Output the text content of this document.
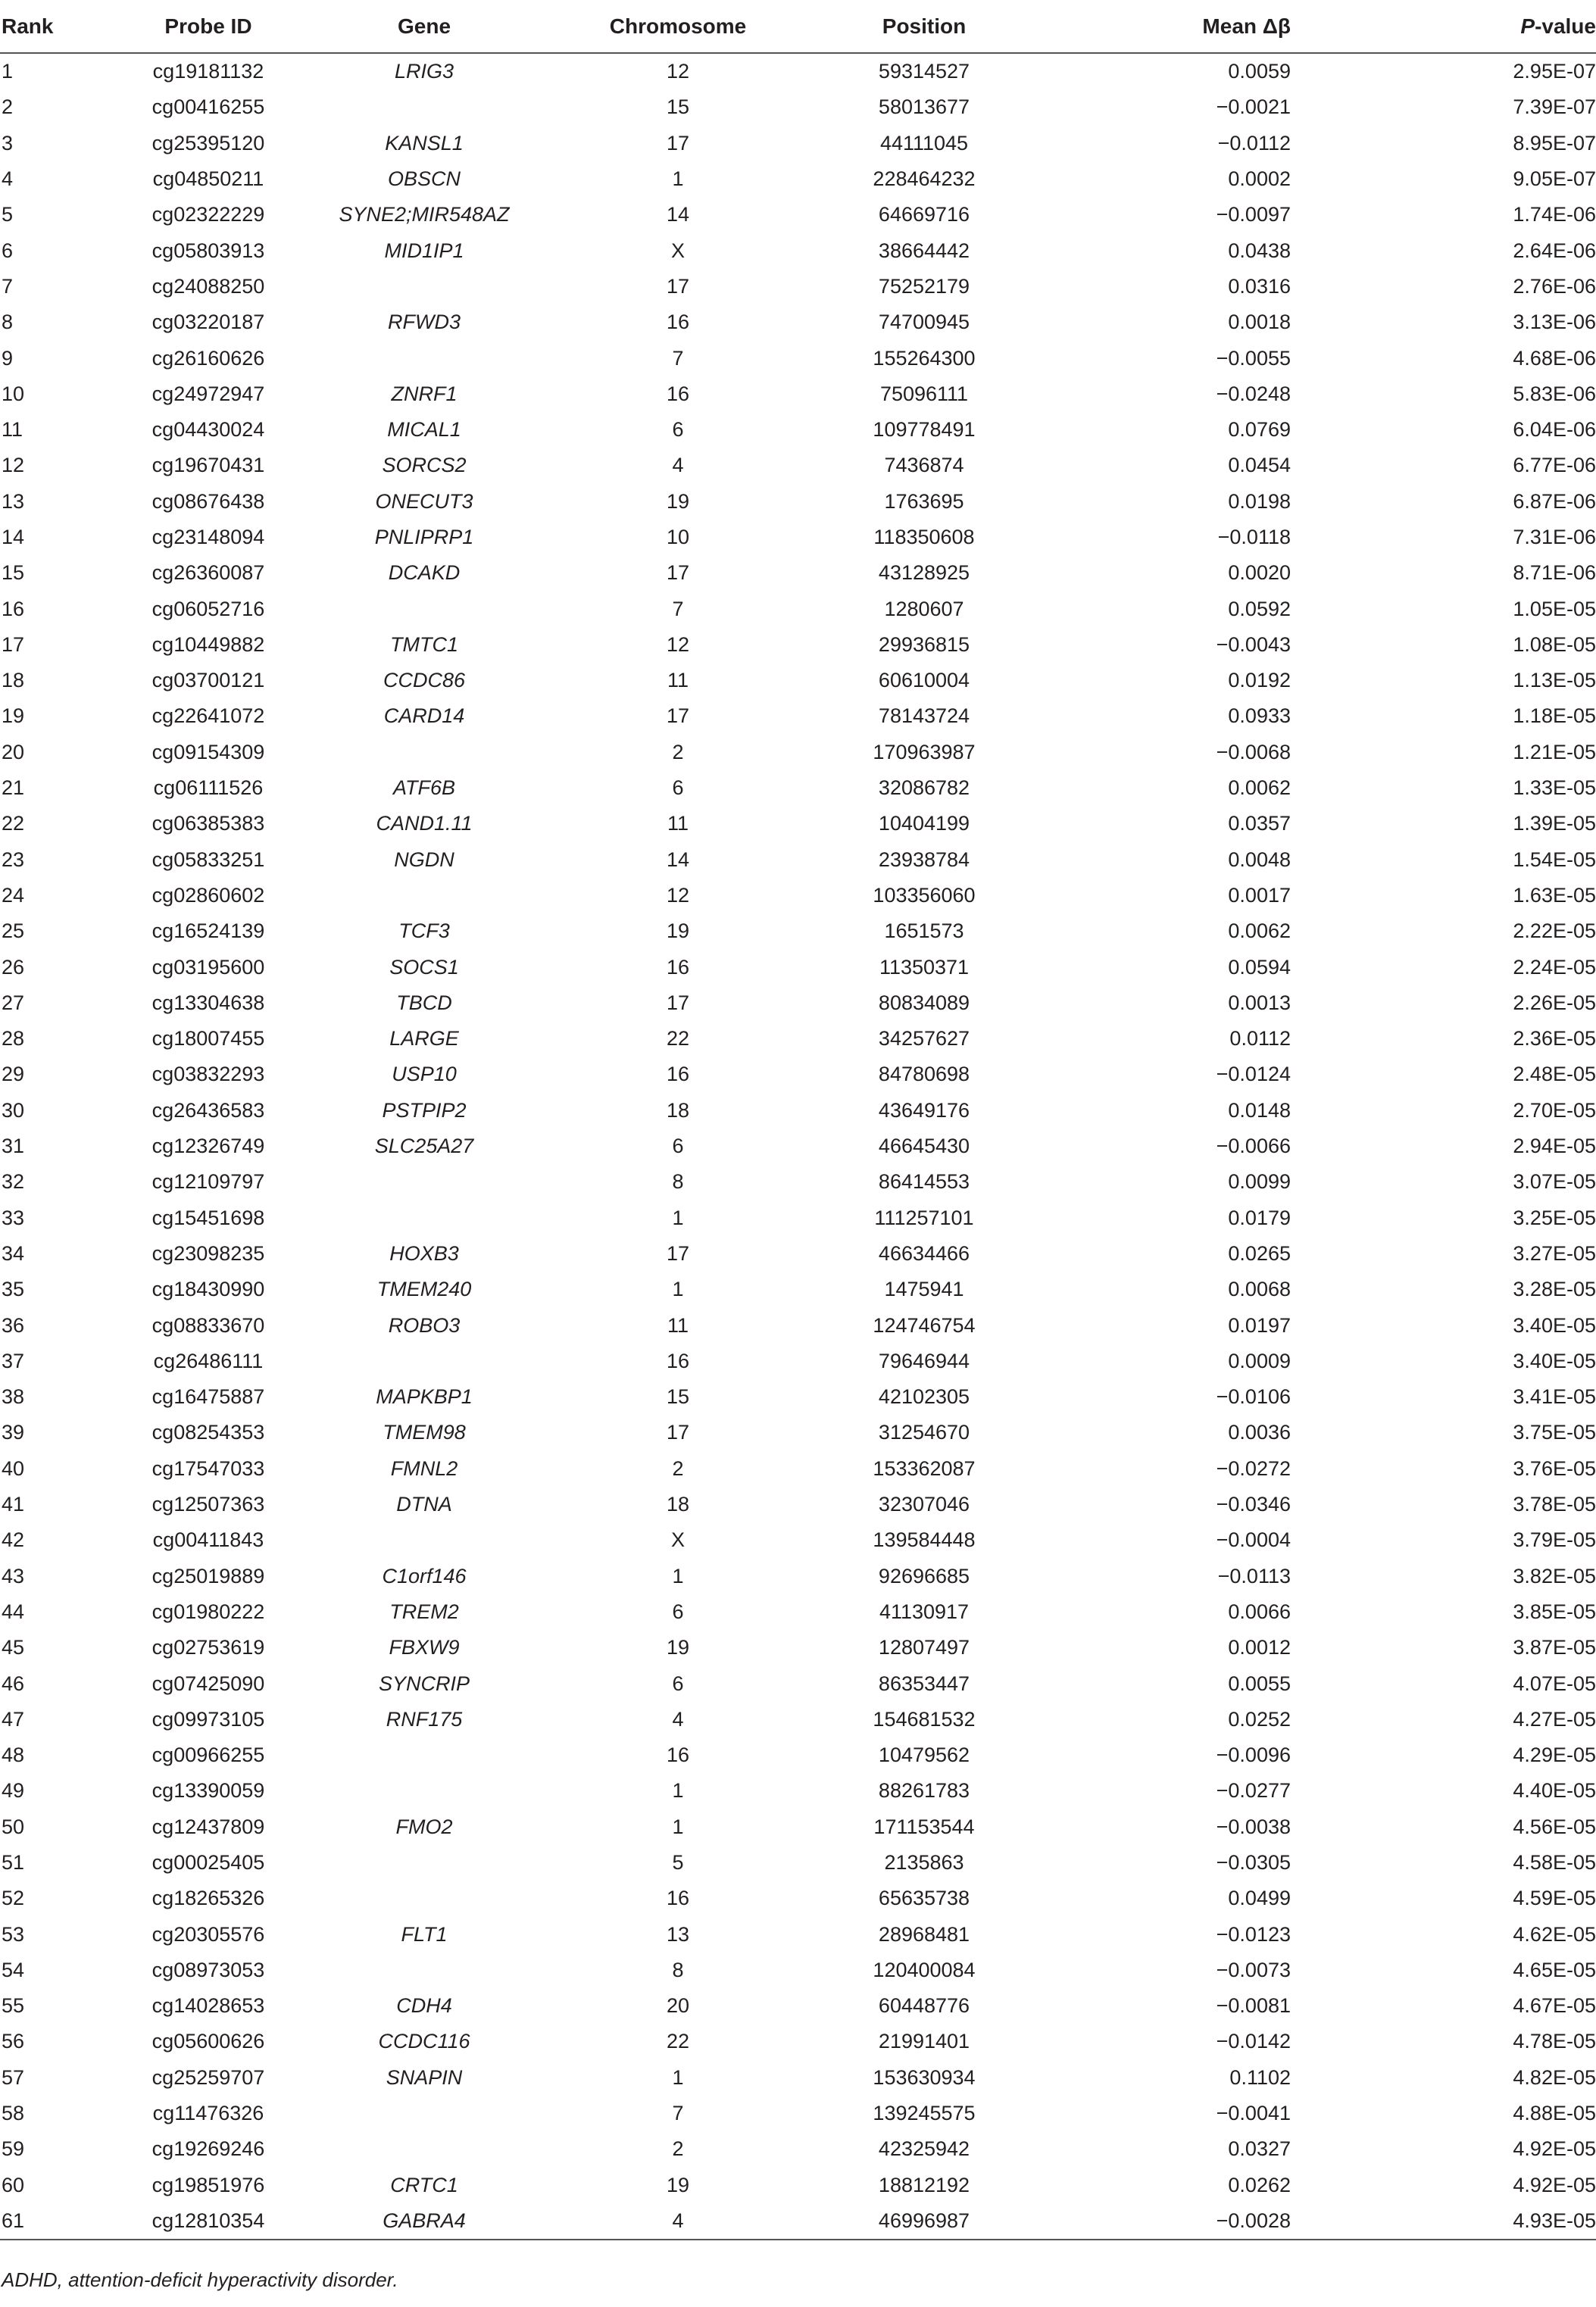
Rank	Probe ID	Gene	Chromosome	Position	Mean Δβ	P-value
1	cg19181132	LRIG3	12	59314527	0.0059	2.95E-07
2	cg00416255		15	58013677	−0.0021	7.39E-07
3	cg25395120	KANSL1	17	44111045	−0.0112	8.95E-07
4	cg04850211	OBSCN	1	228464232	0.0002	9.05E-07
5	cg02322229	SYNE2;MIR548AZ	14	64669716	−0.0097	1.74E-06
6	cg05803913	MID1IP1	X	38664442	0.0438	2.64E-06
7	cg24088250		17	75252179	0.0316	2.76E-06
8	cg03220187	RFWD3	16	74700945	0.0018	3.13E-06
9	cg26160626		7	155264300	−0.0055	4.68E-06
10	cg24972947	ZNRF1	16	75096111	−0.0248	5.83E-06
11	cg04430024	MICAL1	6	109778491	0.0769	6.04E-06
12	cg19670431	SORCS2	4	7436874	0.0454	6.77E-06
13	cg08676438	ONECUT3	19	1763695	0.0198	6.87E-06
14	cg23148094	PNLIPRP1	10	118350608	−0.0118	7.31E-06
15	cg26360087	DCAKD	17	43128925	0.0020	8.71E-06
16	cg06052716		7	1280607	0.0592	1.05E-05
17	cg10449882	TMTC1	12	29936815	−0.0043	1.08E-05
18	cg03700121	CCDC86	11	60610004	0.0192	1.13E-05
19	cg22641072	CARD14	17	78143724	0.0933	1.18E-05
20	cg09154309		2	170963987	−0.0068	1.21E-05
21	cg06111526	ATF6B	6	32086782	0.0062	1.33E-05
22	cg06385383	CAND1.11	11	10404199	0.0357	1.39E-05
23	cg05833251	NGDN	14	23938784	0.0048	1.54E-05
24	cg02860602		12	103356060	0.0017	1.63E-05
25	cg16524139	TCF3	19	1651573	0.0062	2.22E-05
26	cg03195600	SOCS1	16	11350371	0.0594	2.24E-05
27	cg13304638	TBCD	17	80834089	0.0013	2.26E-05
28	cg18007455	LARGE	22	34257627	0.0112	2.36E-05
29	cg03832293	USP10	16	84780698	−0.0124	2.48E-05
30	cg26436583	PSTPIP2	18	43649176	0.0148	2.70E-05
31	cg12326749	SLC25A27	6	46645430	−0.0066	2.94E-05
32	cg12109797		8	86414553	0.0099	3.07E-05
33	cg15451698		1	111257101	0.0179	3.25E-05
34	cg23098235	HOXB3	17	46634466	0.0265	3.27E-05
35	cg18430990	TMEM240	1	1475941	0.0068	3.28E-05
36	cg08833670	ROBO3	11	124746754	0.0197	3.40E-05
37	cg26486111		16	79646944	0.0009	3.40E-05
38	cg16475887	MAPKBP1	15	42102305	−0.0106	3.41E-05
39	cg08254353	TMEM98	17	31254670	0.0036	3.75E-05
40	cg17547033	FMNL2	2	153362087	−0.0272	3.76E-05
41	cg12507363	DTNA	18	32307046	−0.0346	3.78E-05
42	cg00411843		X	139584448	−0.0004	3.79E-05
43	cg25019889	C1orf146	1	92696685	−0.0113	3.82E-05
44	cg01980222	TREM2	6	41130917	0.0066	3.85E-05
45	cg02753619	FBXW9	19	12807497	0.0012	3.87E-05
46	cg07425090	SYNCRIP	6	86353447	0.0055	4.07E-05
47	cg09973105	RNF175	4	154681532	0.0252	4.27E-05
48	cg00966255		16	10479562	−0.0096	4.29E-05
49	cg13390059		1	88261783	−0.0277	4.40E-05
50	cg12437809	FMO2	1	171153544	−0.0038	4.56E-05
51	cg00025405		5	2135863	−0.0305	4.58E-05
52	cg18265326		16	65635738	0.0499	4.59E-05
53	cg20305576	FLT1	13	28968481	−0.0123	4.62E-05
54	cg08973053		8	120400084	−0.0073	4.65E-05
55	cg14028653	CDH4	20	60448776	−0.0081	4.67E-05
56	cg05600626	CCDC116	22	21991401	−0.0142	4.78E-05
57	cg25259707	SNAPIN	1	153630934	0.1102	4.82E-05
58	cg11476326		7	139245575	−0.0041	4.88E-05
59	cg19269246		2	42325942	0.0327	4.92E-05
60	cg19851976	CRTC1	19	18812192	0.0262	4.92E-05
61	cg12810354	GABRA4	4	46996987	−0.0028	4.93E-05
ADHD, attention-deficit hyperactivity disorder.
